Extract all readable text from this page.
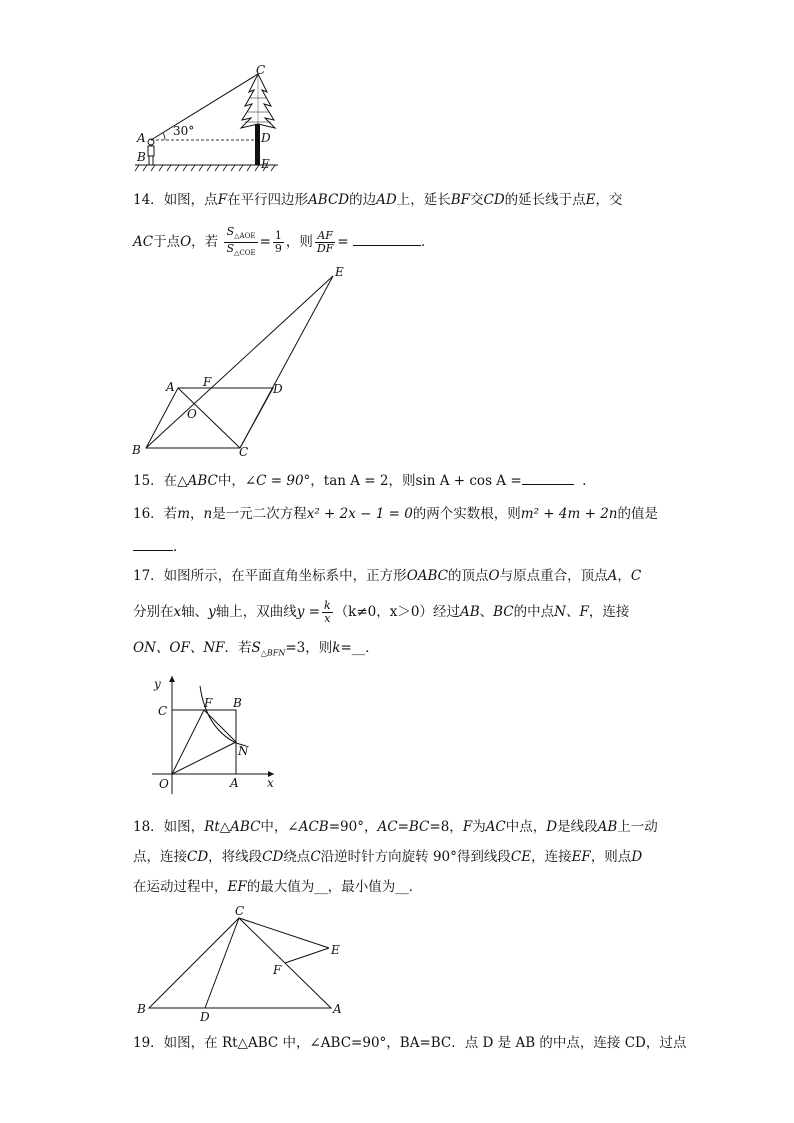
30°
A
B
C
D
E
14．如图，点F在平行四边形ABCD的边AD上，延长BF交CD的延长线于点E，交
AC于点O，若 $\frac{S_{\triangle AOE}}{S_{\triangle COE}} = \frac{1}{9}$ ，则 $\frac{AF}{DF}$ =	．
E
A F	D
O
B	C
15．在△ABC中，∠C = 90°，tan A = 2，则sin A + cos A =	．
16．若m，n是一元二次方程x² + 2x − 1 = 0的两个实数根，则m² + 4m + 2n的值是
．
17．如图所示，在平面直角坐标系中，正方形OABC的顶点O与原点重合，顶点A，C
分别在x轴、y轴上，双曲线$y = \frac{k}{x} (k\ne 0$，x＞0）经过AB、BC的中点N、F，连接
ON、OF、NF．若$S_{\triangle BFN}=3$，则k=__．
y
C
F B
N
O	A x
18．如图，Rt△ABC中，∠ACB=90°，AC=BC=8，F为AC中点，D是线段AB上一动
点，连接CD，将线段CD绕点C沿逆时针方向旋转 90°得到线段CE，连接EF，则点D
在运动过程中，EF的最大值为__，最小值为__．
C
E
F
B
D
A
19．如图，在 Rt△ABC 中，∠ABC=90°，BA=BC．点 D 是 AB 的中点，连接 CD，过点
